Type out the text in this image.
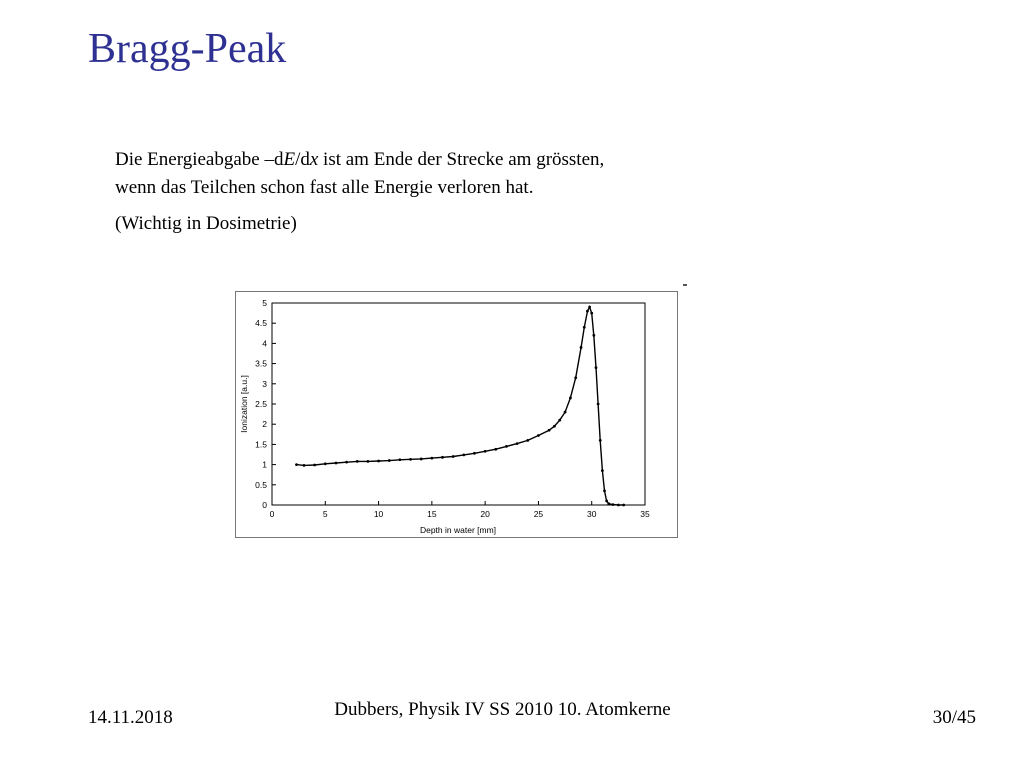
Bragg-Peak

Die Energieabgabe –dE/dx ist am Ende der Strecke am grössten,

wenn das Teilchen schon fast alle Energie verloren hat.

(Wichtig in Dosimetrie)

0
0.5
1
1.5
2
2.5
3
3.5
4
4.5
5
0	5	10	15	20	25	30	35
Depth in water [mm]
Ionization [a.u.]
14.11.2018	Dubbers, Physik IV SS 2010 10. Atomkerne 	30/45
